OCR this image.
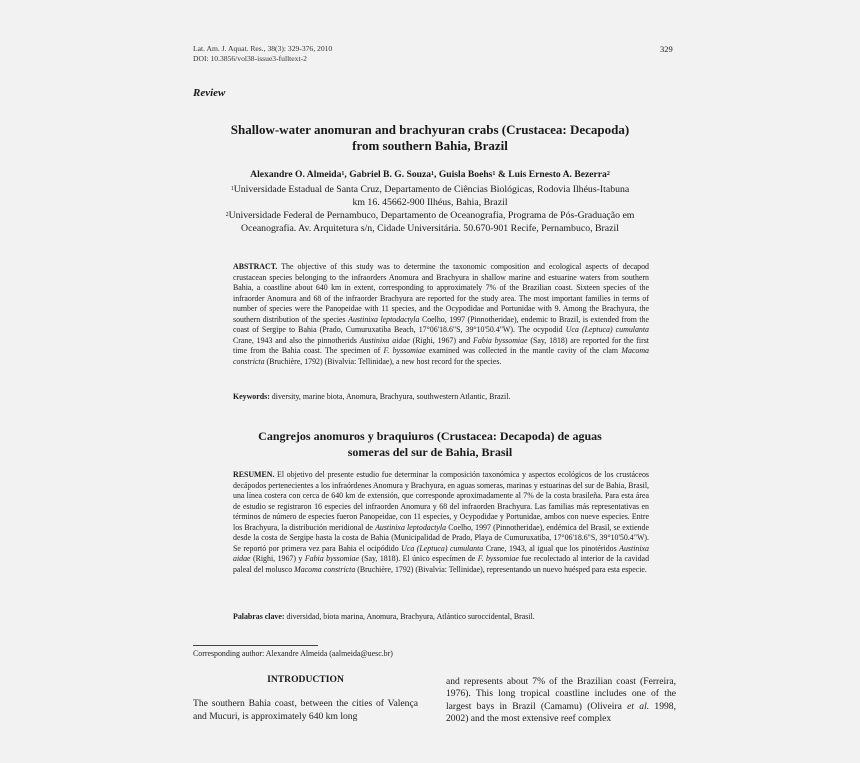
Lat. Am. J. Aquat. Res., 38(3): 329-376, 2010
DOI: 10.3856/vol38-issue3-fulltext-2
329
Review
Shallow-water anomuran and brachyuran crabs (Crustacea: Decapoda)
from southern Bahia, Brazil
Alexandre O. Almeida$^1$, Gabriel B. G. Souza$^1$, Guisla Boehs$^1$ & Luis Ernesto A. Bezerra$^2$
$^1$Universidade Estadual de Santa Cruz, Departamento de Ciências Biológicas, Rodovia Ilhéus-Itabuna
km 16. 45662-900 Ilhéus, Bahia, Brazil
$^2$Universidade Federal de Pernambuco, Departamento de Oceanografia, Programa de Pós-Graduação em
Oceanografia. Av. Arquitetura s/n, Cidade Universitária. 50.670-901 Recife, Pernambuco, Brazil
ABSTRACT. The objective of this study was to determine the taxonomic composition and ecological aspects of decapod crustacean species belonging to the infraorders Anomura and Brachyura in shallow marine and estuarine waters from southern Bahia, a coastline about 640 km in extent, corresponding to approximately 7% of the Brazilian coast. Sixteen species of the infraorder Anomura and 68 of the infraorder Brachyura are reported for the study area. The most important families in terms of number of species were the Panopeidae with 11 species, and the Ocypodidae and Portunidae with 9. Among the Brachyura, the southern distribution of the species Austinixa leptodactyla Coelho, 1997 (Pinnotheridae), endemic to Brazil, is extended from the coast of Sergipe to Bahia (Prado, Cumuruxatiba Beach, 17°06'18.6"S, 39°10'50.4"W). The ocypodid Uca (Leptuca) cumulanta Crane, 1943 and also the pinnotherids Austinixa aidae (Righi, 1967) and Fabia byssomiae (Say, 1818) are reported for the first time from the Bahia coast. The specimen of F. byssomiae examined was collected in the mantle cavity of the clam Macoma constricta (Bruchière, 1792) (Bivalvia: Tellinidae), a new host record for the species.
Keywords: diversity, marine biota, Anomura, Brachyura, southwestern Atlantic, Brazil.
Cangrejos anomuros y braquiuros (Crustacea: Decapoda) de aguas
someras del sur de Bahia, Brasil
RESUMEN. El objetivo del presente estudio fue determinar la composición taxonómica y aspectos ecológicos de los crustáceos decápodos pertenecientes a los infraórdenes Anomura y Brachyura, en aguas someras, marinas y estuarinas del sur de Bahia, Brasil, una línea costera con cerca de 640 km de extensión, que corresponde aproximadamente al 7% de la costa brasileña. Para esta área de estudio se registraron 16 especies del infraorden Anomura y 68 del infraorden Brachyura. Las familias más representativas en términos de número de especies fueron Panopeidae, con 11 especies, y Ocypodidae y Portunidae, ambos con nueve especies. Entre los Brachyura, la distribución meridional de Austinixa leptodactyla Coelho, 1997 (Pinnotheridae), endémica del Brasil, se extiende desde la costa de Sergipe hasta la costa de Bahia (Municipalidad de Prado, Playa de Cumuruxatiba, 17°06'18.6"S, 39°10'50.4"W). Se reportó por primera vez para Bahia el ocipódido Uca (Leptuca) cumulanta Crane, 1943, al igual que los pinotéridos Austinixa aidae (Righi, 1967) y Fabia byssomiae (Say, 1818). El único especímen de F. byssomiae fue recolectado al interior de la cavidad paleal del molusco Macoma constricta (Bruchière, 1792) (Bivalvia: Tellinidae), representando un nuevo huésped para esta especie.
Palabras clave: diversidad, biota marina, Anomura, Brachyura, Atlántico suroccidental, Brasil.
Corresponding author: Alexandre Almeida (aalmeida@uesc.br)
INTRODUCTION
The southern Bahia coast, between the cities of Valença and Mucuri, is approximately 640 km long
and represents about 7% of the Brazilian coast (Ferreira, 1976). This long tropical coastline includes one of the largest bays in Brazil (Camamu) (Oliveira et al. 1998, 2002) and the most extensive reef complex
